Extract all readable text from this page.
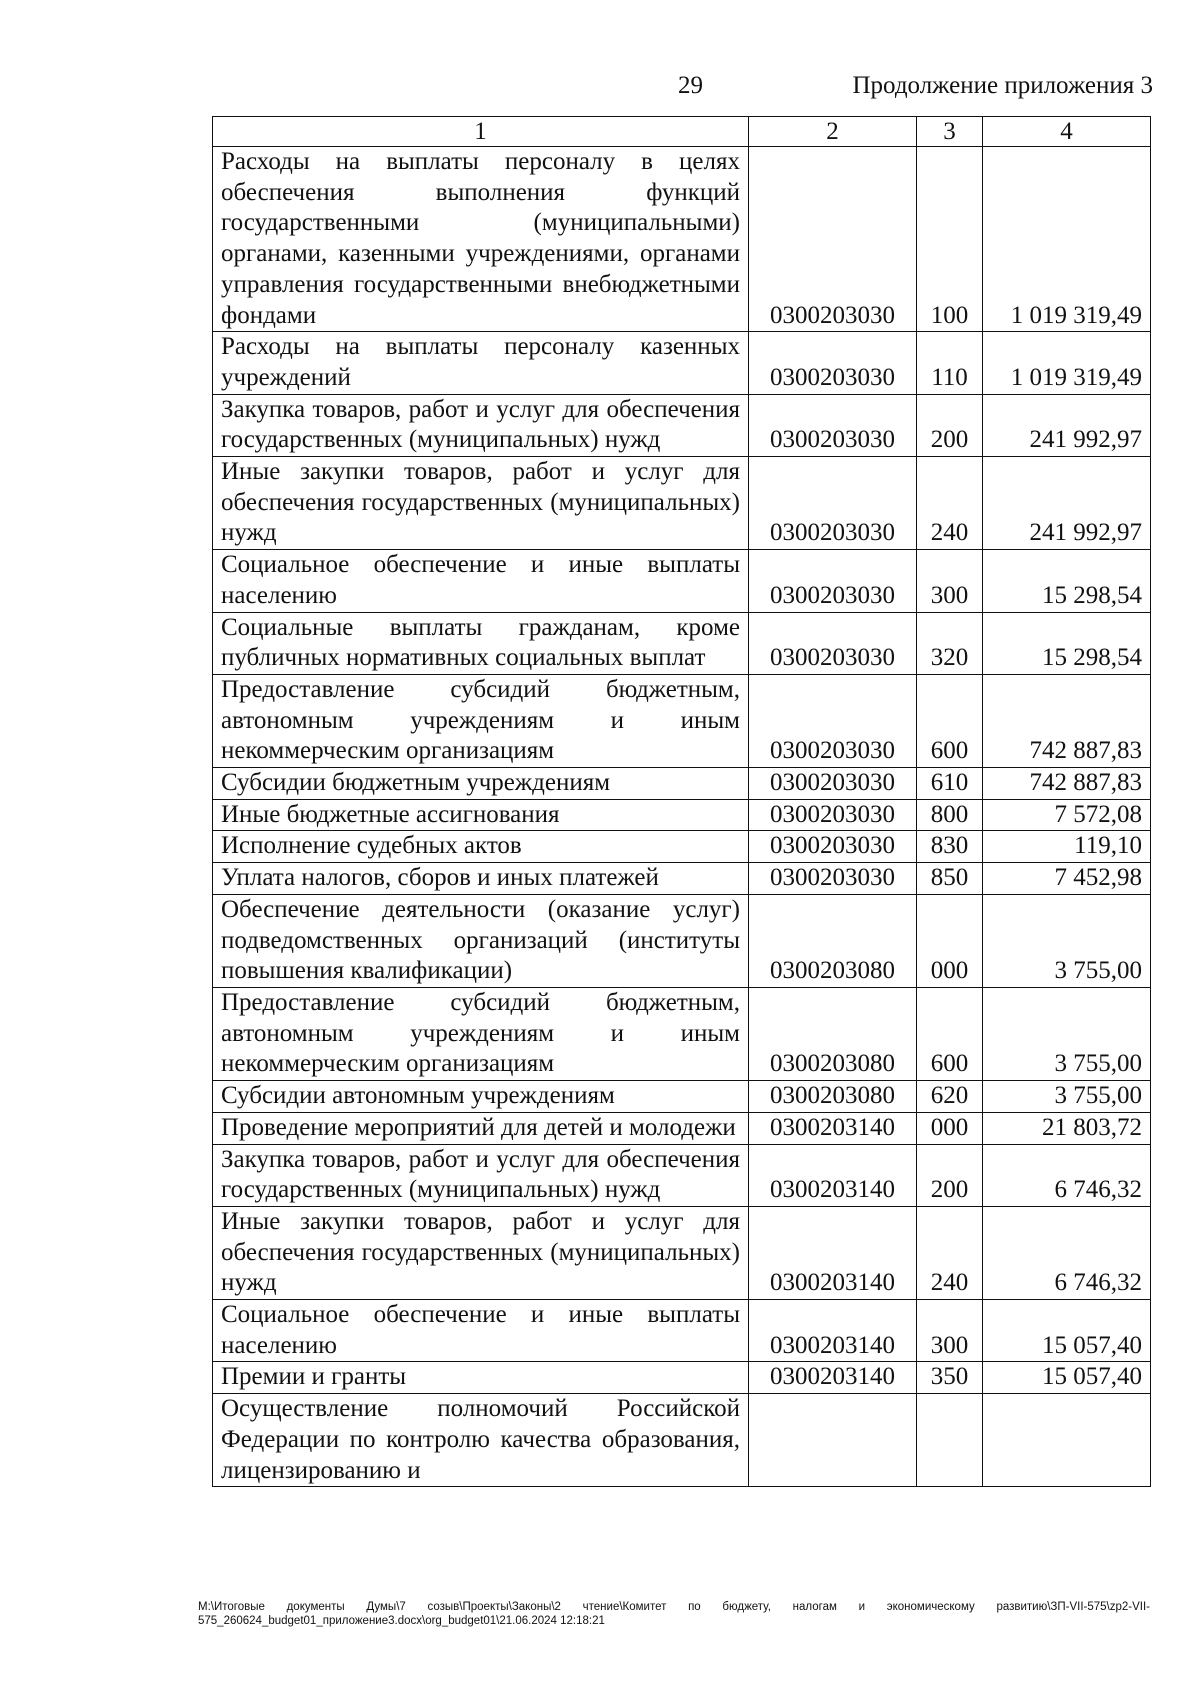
29	Продолжение приложения 3
1	2	3	4
Расходы на выплаты персоналу в целях обеспечения выполнения функций государственными (муниципальными) органами, казенными учреждениями, органами управления государственными внебюджетными фондами	0300203030	100	1 019 319,49
Расходы на выплаты персоналу казенных учреждений	0300203030	110	1 019 319,49
Закупка товаров, работ и услуг для обеспечения государственных (муниципальных) нужд	0300203030	200	241 992,97
Иные закупки товаров, работ и услуг для обеспечения государственных (муниципальных) нужд	0300203030	240	241 992,97
Социальное обеспечение и иные выплаты населению	0300203030	300	15 298,54
Социальные выплаты гражданам, кроме публичных нормативных социальных выплат	0300203030	320	15 298,54
Предоставление субсидий бюджетным, автономным учреждениям и иным некоммерческим организациям	0300203030	600	742 887,83
Субсидии бюджетным учреждениям	0300203030	610	742 887,83
Иные бюджетные ассигнования	0300203030	800	7 572,08
Исполнение судебных актов	0300203030	830	119,10
Уплата налогов, сборов и иных платежей	0300203030	850	7 452,98
Обеспечение деятельности (оказание услуг) подведомственных организаций (институты повышения квалификации)	0300203080	000	3 755,00
Предоставление субсидий бюджетным, автономным учреждениям и иным некоммерческим организациям	0300203080	600	3 755,00
Субсидии автономным учреждениям	0300203080	620	3 755,00
Проведение мероприятий для детей и молодежи	0300203140	000	21 803,72
Закупка товаров, работ и услуг для обеспечения государственных (муниципальных) нужд	0300203140	200	6 746,32
Иные закупки товаров, работ и услуг для обеспечения государственных (муниципальных) нужд	0300203140	240	6 746,32
Социальное обеспечение и иные выплаты населению	0300203140	300	15 057,40
Премии и гранты	0300203140	350	15 057,40
Осуществление полномочий Российской Федерации по контролю качества образования, лицензированию и			
M:\Итоговые документы Думы\7 созыв\Проекты\Законы\2 чтение\Комитет по бюджету, налогам и экономическому развитию\ЗП-VII-575\zp2-VII-575_260624_budget01_приложение3.docx\org_budget01\21.06.2024 12:18:21
